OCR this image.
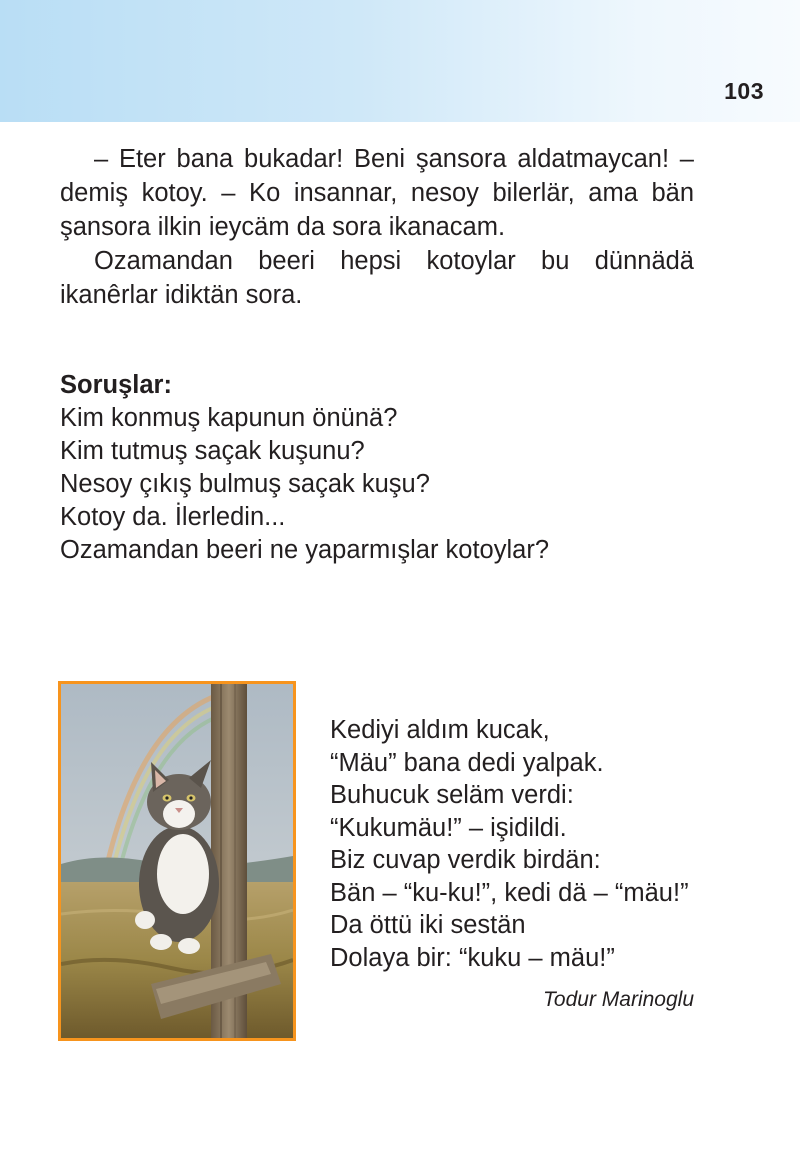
103

– Eter bana bukadar! Beni şansora aldatmaycan! – demiş kotoy. – Ko insannar, nesoy bilerlär, ama bän şansora ilkin ieycäm da sora ikanacam.

Ozamandan beeri hepsi kotoylar bu dünnädä ikanêrlar idiktän sora.

Soruşlar:

Kim konmuş kapunun önünä?

Kim tutmuş saçak kuşunu?

Nesoy çıkış bulmuş saçak kuşu?

Kotoy da. İlerledin...

Ozamandan beeri ne yaparmışlar kotoylar?

Kediyi aldım kucak,

“Mäu” bana dedi yalpak.

Buhucuk seläm verdi:

“Kukumäu!” – işidildi.

Biz cuvap verdik birdän:

Bän – “ku-ku!”, kedi dä – “mäu!”

Da öttü iki sestän

Dolaya bir: “kuku – mäu!”

Todur Marinoglu
